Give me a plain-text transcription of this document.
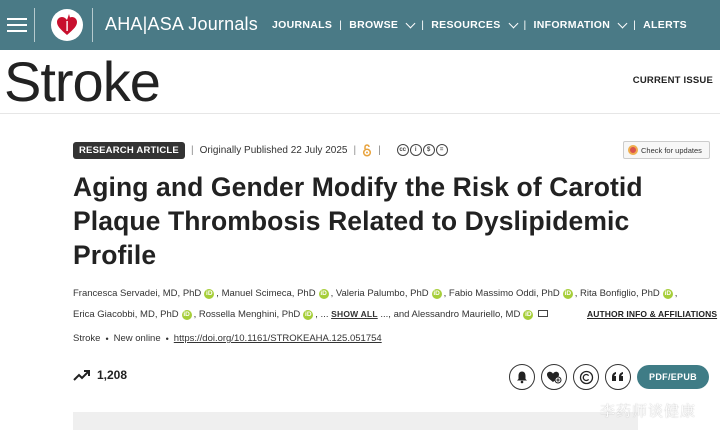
AHA|ASA Journals JOURNALS | BROWSE | RESOURCES | INFORMATION | ALERTS
Stroke	CURRENT ISSUE
RESEARCH ARTICLE	| Originally Published 22 July 2025 | |	cc	i	$	=	Check for updates
Aging and Gender Modify the Risk of Carotid Plaque Thrombosis Related to Dyslipidemic Profile
Francesca Servadei, MD, PhD iD , Manuel Scimeca, PhD iD , Valeria Palumbo, PhD iD , Fabio Massimo Oddi, PhD iD , Rita Bonfiglio, PhD iD ,
Erica Giacobbi, MD, PhD iD , Rossella Menghini, PhD iD , ... SHOW ALL ..., and Alessandro Mauriello, MD iD	AUTHOR INFO & AFFILIATIONS
Stroke • New online • https://doi.org/10.1161/STROKEAHA.125.051754
1,208	PDF/EPUB
李药师谈健康
